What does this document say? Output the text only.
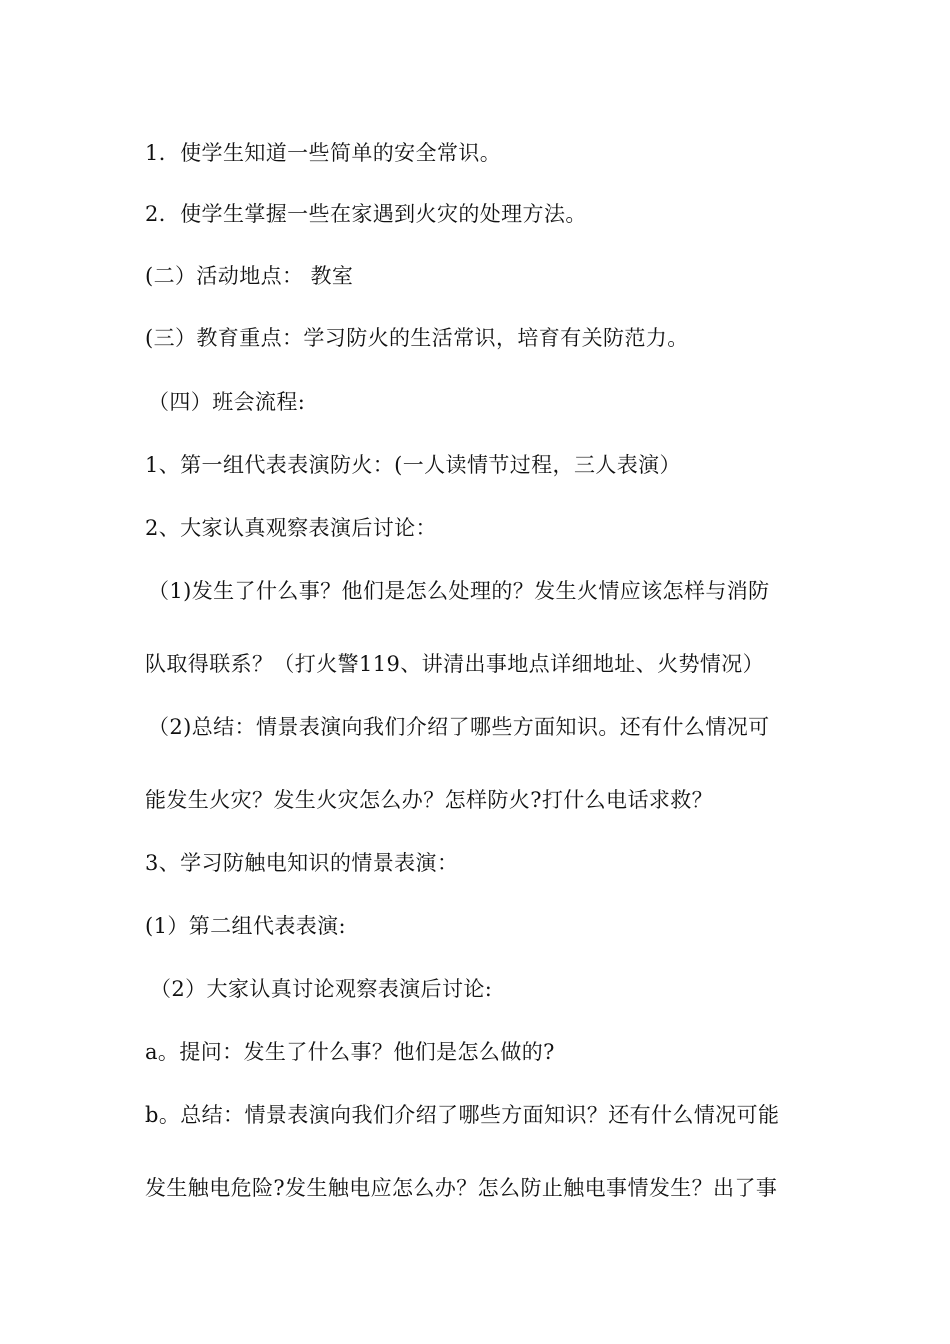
1．使学生知道一些简单的安全常识。
2．使学生掌握一些在家遇到火灾的处理方法。
(二）活动地点： 教室
(三）教育重点：学习防火的生活常识，培育有关防范力。
（四）班会流程:
1、第一组代表表演防火：(一人读情节过程，三人表演）
2、大家认真观察表演后讨论：
（1)发生了什么事？他们是怎么处理的？发生火情应该怎样与消防
队取得联系？（打火警119、讲清出事地点详细地址、火势情况）
（2)总结：情景表演向我们介绍了哪些方面知识。还有什么情况可
能发生火灾？发生火灾怎么办？怎样防火?打什么电话求救？
3、学习防触电知识的情景表演：
(1）第二组代表表演:
（2）大家认真讨论观察表演后讨论:
a。提问：发生了什么事？他们是怎么做的?
b。总结：情景表演向我们介绍了哪些方面知识？还有什么情况可能
发生触电危险?发生触电应怎么办？怎么防止触电事情发生？出了事
